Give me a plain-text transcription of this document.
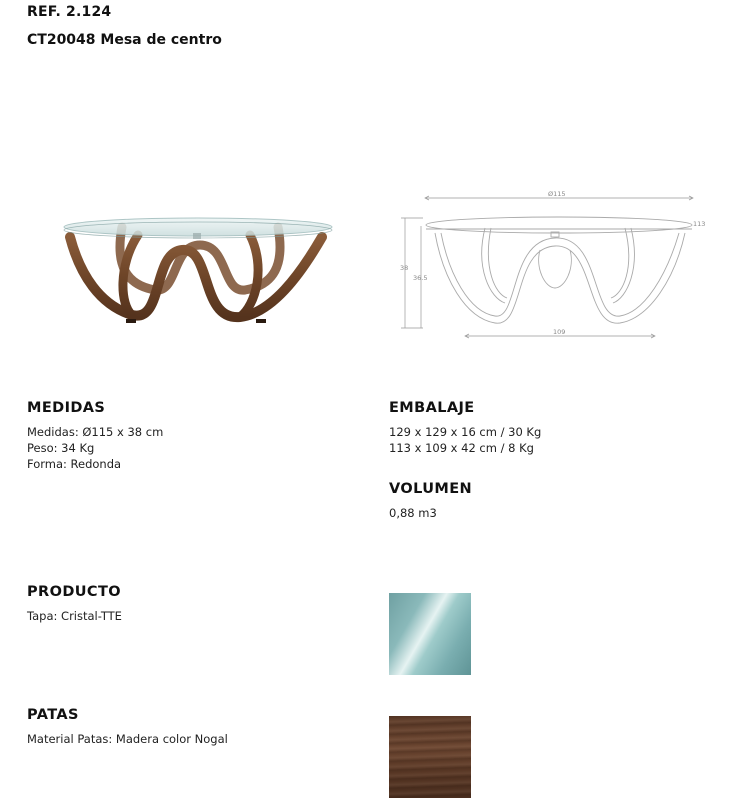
REF. 2.124
CT20048 Mesa de centro
Ø115
113
38
36.5
109
MEDIDAS
Medidas: Ø115 x 38 cm
Peso: 34 Kg
Forma: Redonda
EMBALAJE
129 x 129 x 16 cm / 30 Kg
113 x 109 x 42 cm / 8 Kg
VOLUMEN
0,88 m3
PRODUCTO
Tapa: Cristal-TTE
PATAS
Material Patas: Madera color Nogal
